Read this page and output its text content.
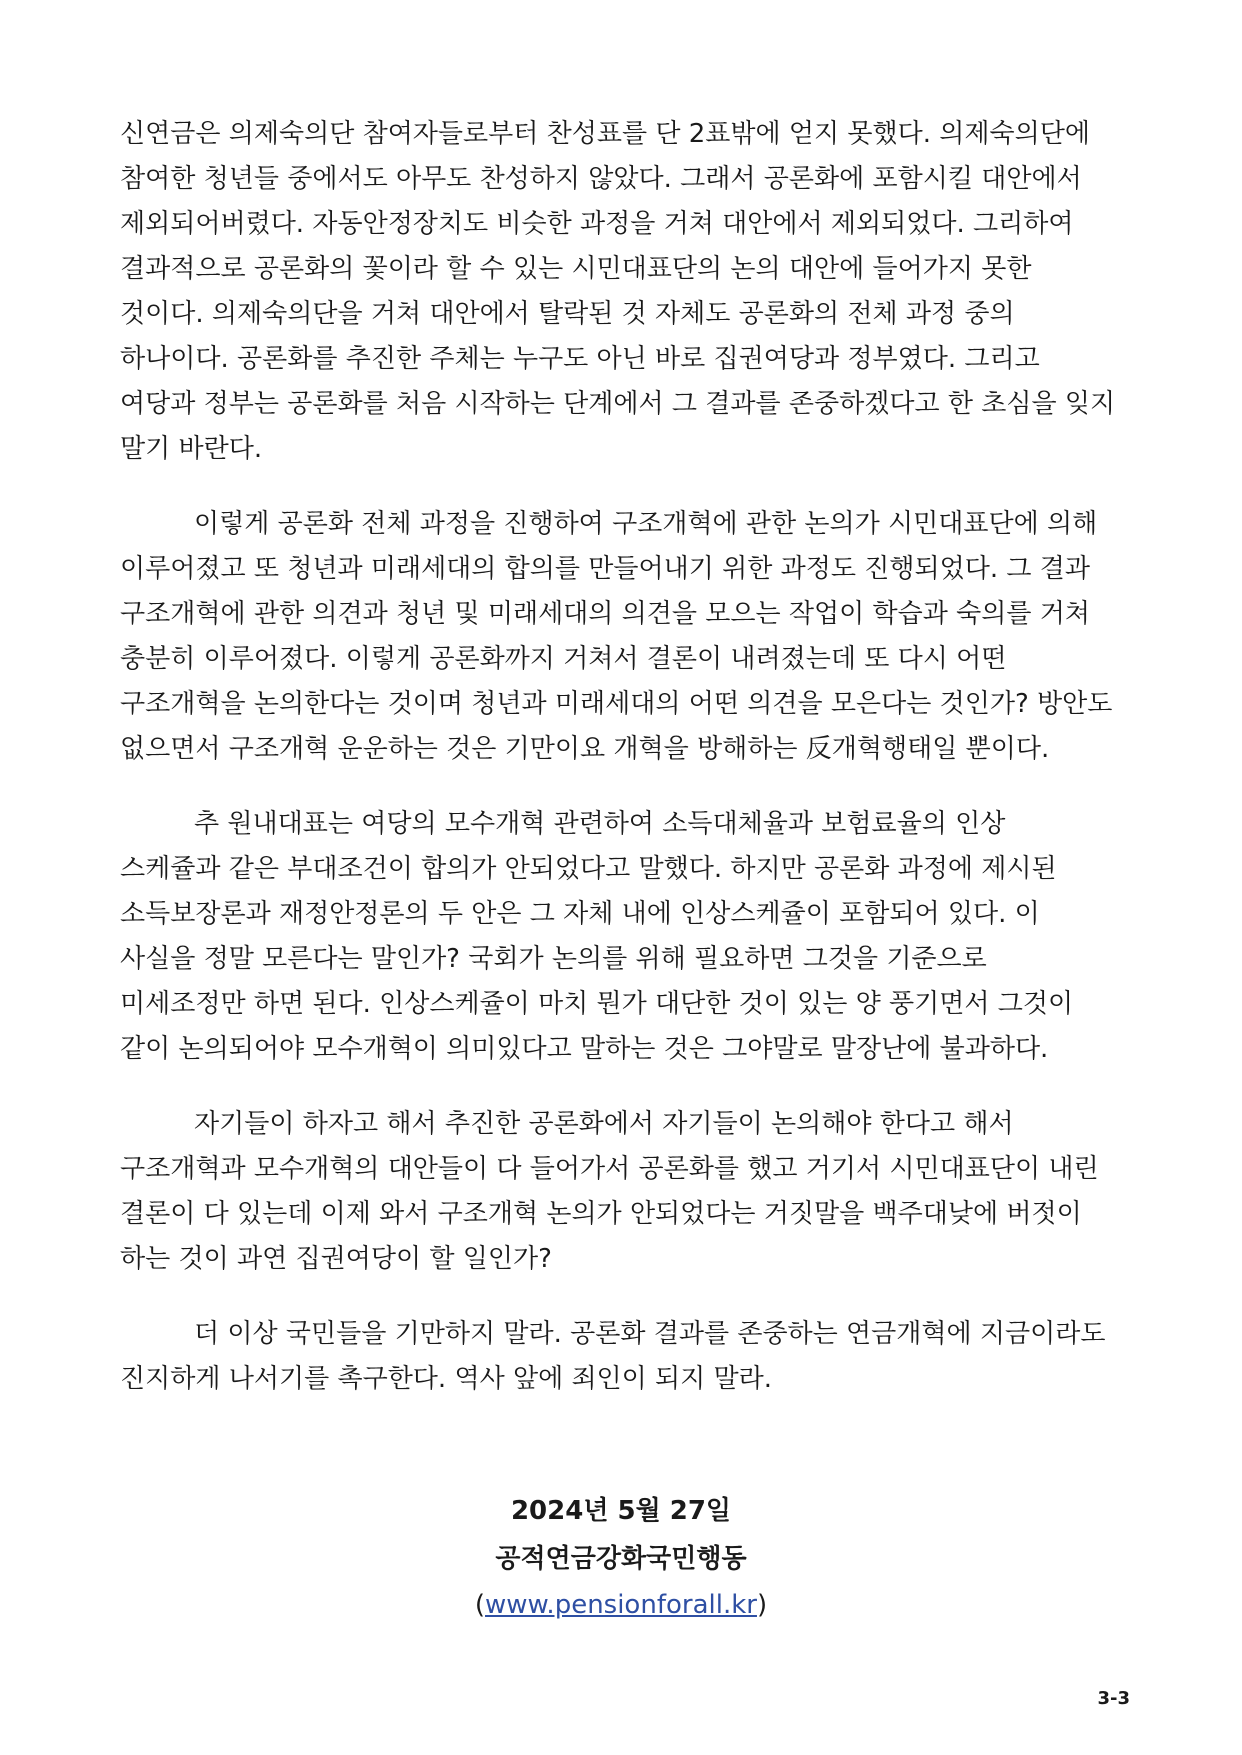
신연금은 의제숙의단 참여자들로부터 찬성표를 단 2표밖에 얻지 못했다. 의제숙의단에
참여한 청년들 중에서도 아무도 찬성하지 않았다. 그래서 공론화에 포함시킬 대안에서
제외되어버렸다. 자동안정장치도 비슷한 과정을 거쳐 대안에서 제외되었다. 그리하여
결과적으로 공론화의 꽃이라 할 수 있는 시민대표단의 논의 대안에 들어가지 못한
것이다. 의제숙의단을 거쳐 대안에서 탈락된 것 자체도 공론화의 전체 과정 중의
하나이다. 공론화를 추진한 주체는 누구도 아닌 바로 집권여당과 정부였다. 그리고
여당과 정부는 공론화를 처음 시작하는 단계에서 그 결과를 존중하겠다고 한 초심을 잊지
말기 바란다.
이렇게 공론화 전체 과정을 진행하여 구조개혁에 관한 논의가 시민대표단에 의해
이루어졌고 또 청년과 미래세대의 합의를 만들어내기 위한 과정도 진행되었다. 그 결과
구조개혁에 관한 의견과 청년 및 미래세대의 의견을 모으는 작업이 학습과 숙의를 거쳐
충분히 이루어졌다. 이렇게 공론화까지 거쳐서 결론이 내려졌는데 또 다시 어떤
구조개혁을 논의한다는 것이며 청년과 미래세대의 어떤 의견을 모은다는 것인가? 방안도
없으면서 구조개혁 운운하는 것은 기만이요 개혁을 방해하는 反개혁행태일 뿐이다.
추 원내대표는 여당의 모수개혁 관련하여 소득대체율과 보험료율의 인상
스케쥴과 같은 부대조건이 합의가 안되었다고 말했다. 하지만 공론화 과정에 제시된
소득보장론과 재정안정론의 두 안은 그 자체 내에 인상스케쥴이 포함되어 있다. 이
사실을 정말 모른다는 말인가? 국회가 논의를 위해 필요하면 그것을 기준으로
미세조정만 하면 된다. 인상스케쥴이 마치 뭔가 대단한 것이 있는 양 풍기면서 그것이
같이 논의되어야 모수개혁이 의미있다고 말하는 것은 그야말로 말장난에 불과하다.
자기들이 하자고 해서 추진한 공론화에서 자기들이 논의해야 한다고 해서
구조개혁과 모수개혁의 대안들이 다 들어가서 공론화를 했고 거기서 시민대표단이 내린
결론이 다 있는데 이제 와서 구조개혁 논의가 안되었다는 거짓말을 백주대낮에 버젓이
하는 것이 과연 집권여당이 할 일인가?
더 이상 국민들을 기만하지 말라. 공론화 결과를 존중하는 연금개혁에 지금이라도
진지하게 나서기를 촉구한다. 역사 앞에 죄인이 되지 말라.
2024년 5월 27일
공적연금강화국민행동
(www.pensionforall.kr)
3-3
